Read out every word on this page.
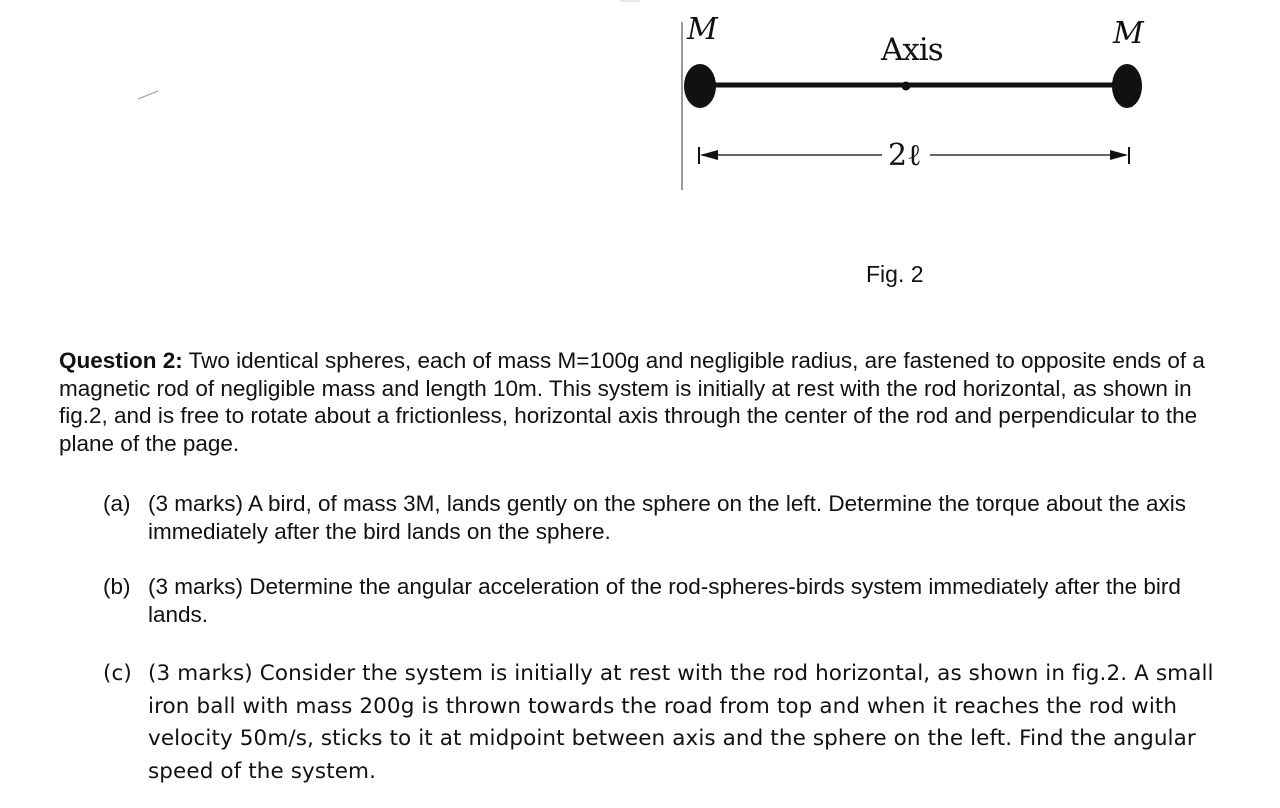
M	M
Axis
2ℓ
Fig. 2
Question 2: Two identical spheres, each of mass M=100g and negligible radius, are fastened to opposite ends of a magnetic rod of negligible mass and length 10m. This system is initially at rest with the rod horizontal, as shown in fig.2, and is free to rotate about a frictionless, horizontal axis through the center of the rod and perpendicular to the plane of the page.
(a) (3 marks) A bird, of mass 3M, lands gently on the sphere on the left. Determine the torque about the axis immediately after the bird lands on the sphere.
(b) (3 marks) Determine the angular acceleration of the rod-spheres-birds system immediately after the bird lands.
(c) (3 marks) Consider the system is initially at rest with the rod horizontal, as shown in fig.2. A small iron ball with mass 200g is thrown towards the road from top and when it reaches the rod with velocity 50m/s, sticks to it at midpoint between axis and the sphere on the left. Find the angular speed of the system.
